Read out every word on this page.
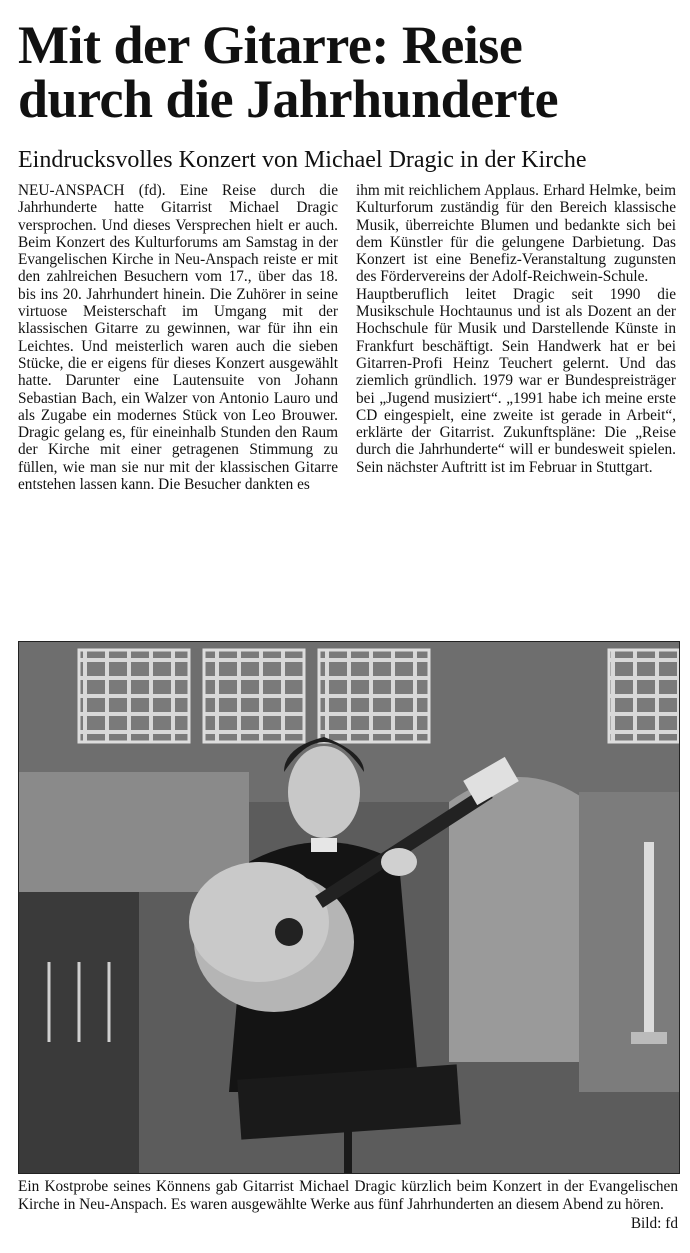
Mit der Gitarre: Reise
durch die Jahrhunderte
Eindrucksvolles Konzert von Michael Dragic in der Kirche

NEU-ANSPACH (fd). Eine Reise durch die Jahrhunderte hatte Gitarrist Michael Dragic versprochen. Und dieses Versprechen hielt er auch. Beim Konzert des Kulturforums am Samstag in der Evangelischen Kirche in Neu-Anspach reiste er mit den zahlreichen Besuchern vom 17., über das 18. bis ins 20. Jahrhundert hinein. Die Zuhörer in seine virtuose Meisterschaft im Umgang mit der klassischen Gitarre zu gewinnen, war für ihn ein Leichtes. Und meisterlich waren auch die sieben Stücke, die er eigens für dieses Konzert ausgewählt hatte. Darunter eine Lautensuite von Johann Sebastian Bach, ein Walzer von Antonio Lauro und als Zugabe ein modernes Stück von Leo Brouwer. Dragic gelang es, für eineinhalb Stunden den Raum der Kirche mit einer getragenen Stimmung zu füllen, wie man sie nur mit der klassischen Gitarre entstehen lassen kann. Die Besucher dankten es

ihm mit reichlichem Applaus. Erhard Helmke, beim Kulturforum zuständig für den Bereich klassische Musik, überreichte Blumen und bedankte sich bei dem Künstler für die gelungene Darbietung. Das Konzert ist eine Benefiz-Veranstaltung zugunsten des Fördervereins der Adolf-Reichwein-Schule.

Hauptberuflich leitet Dragic seit 1990 die Musikschule Hochtaunus und ist als Dozent an der Hochschule für Musik und Darstellende Künste in Frankfurt beschäftigt. Sein Handwerk hat er bei Gitarren-Profi Heinz Teuchert gelernt. Und das ziemlich gründlich. 1979 war er Bundespreisträger bei „Jugend musiziert“. „1991 habe ich meine erste CD eingespielt, eine zweite ist gerade in Arbeit“, erklärte der Gitarrist. Zukunftspläne: Die „Reise durch die Jahrhunderte“ will er bundesweit spielen. Sein nächster Auftritt ist im Februar in Stuttgart.

Ein Kostprobe seines Könnens gab Gitarrist Michael Dragic kürzlich beim Konzert in der Evangelischen Kirche in Neu-Anspach. Es waren ausgewählte Werke aus fünf Jahrhunderten an diesem Abend zu hören.
Bild: fd
